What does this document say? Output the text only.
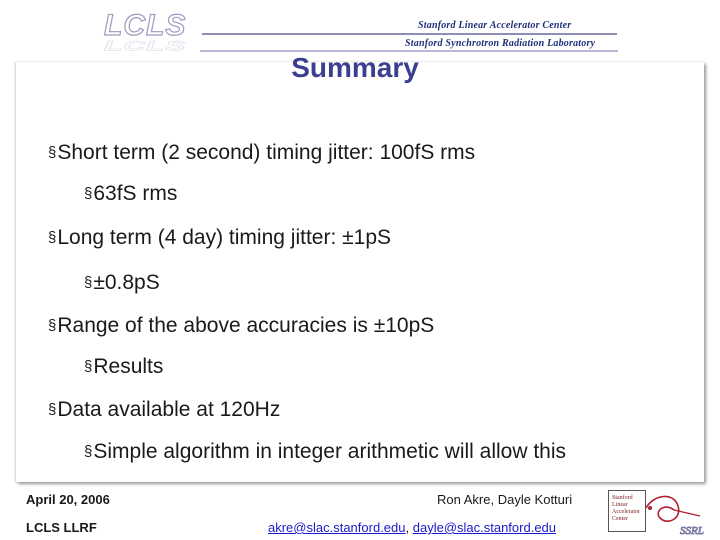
LCLS
LCLS
Stanford Linear Accelerator Center
Stanford Synchrotron Radiation Laboratory
Summary
§Short term (2 second) timing jitter: 100fS rms
§63fS rms
§Long term (4 day) timing jitter: ±1pS
§±0.8pS
§Range of the above accuracies is ±10pS
§Results
§Data available at 120Hz
§Simple algorithm in integer arithmetic will allow this
April 20, 2006
LCLS LLRF
Ron Akre, Dayle Kotturi
akre@slac.stanford.edu, dayle@slac.stanford.edu
Stanford
Linear
Accelerator
Center
SSRL
